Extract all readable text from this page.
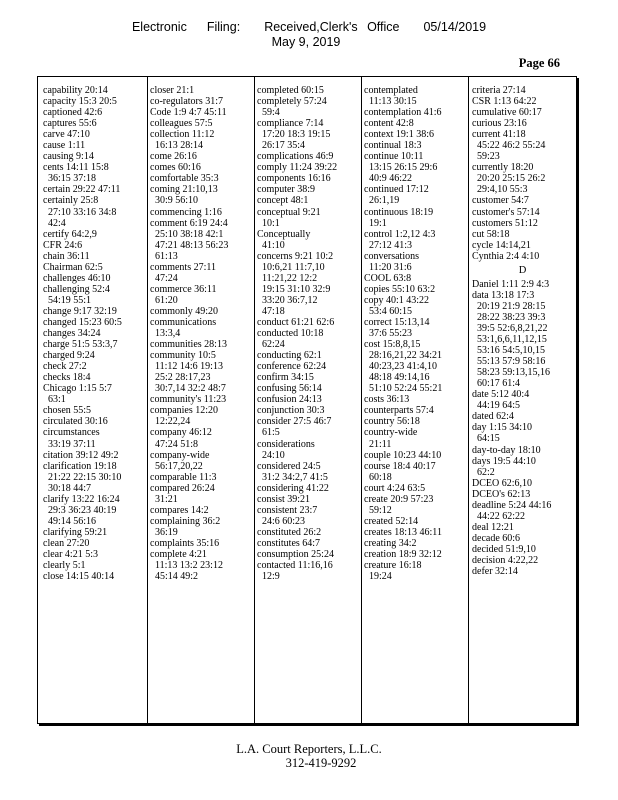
Electronic Filing: Received,Clerk's Office 05/14/2019
May 9, 2019
Page 66
capability 20:14
capacity 15:3 20:5
captioned 42:6
captures 55:6
carve 47:10
cause 1:11
causing 9:14
cents 14:11 15:8
36:15 37:18
certain 29:22 47:11
certainly 25:8
27:10 33:16 34:8
42:4
certify 64:2,9
CFR 24:6
chain 36:11
Chairman 62:5
challenges 46:10
challenging 52:4
54:19 55:1
change 9:17 32:19
changed 15:23 60:5
changes 34:24
charge 51:5 53:3,7
charged 9:24
check 27:2
checks 18:4
Chicago 1:15 5:7
63:1
chosen 55:5
circulated 30:16
circumstances
33:19 37:11
citation 39:12 49:2
clarification 19:18
21:22 22:15 30:10
30:18 44:7
clarify 13:22 16:24
29:3 36:23 40:19
49:14 56:16
clarifying 59:21
clean 27:20
clear 4:21 5:3
clearly 5:1
close 14:15 40:14
closer 21:1
co-regulators 31:7
Code 1:9 4:7 45:11
colleagues 57:5
collection 11:12
16:13 28:14
come 26:16
comes 60:16
comfortable 35:3
coming 21:10,13
30:9 56:10
commencing 1:16
comment 6:19 24:4
25:10 38:18 42:1
47:21 48:13 56:23
61:13
comments 27:11
47:24
commerce 36:11
61:20
commonly 49:20
communications
13:3,4
communities 28:13
community 10:5
11:12 14:6 19:13
25:2 28:17,23
30:7,14 32:2 48:7
community's 11:23
companies 12:20
12:22,24
company 46:12
47:24 51:8
company-wide
56:17,20,22
comparable 11:3
compared 26:24
31:21
compares 14:2
complaining 36:2
36:19
complaints 35:16
complete 4:21
11:13 13:2 23:12
45:14 49:2
completed 60:15
completely 57:24
59:4
compliance 7:14
17:20 18:3 19:15
26:17 35:4
complications 46:9
comply 11:24 39:22
components 16:16
computer 38:9
concept 48:1
conceptual 9:21
10:1
Conceptually
41:10
concerns 9:21 10:2
10:6,21 11:7,10
11:21,22 12:2
19:15 31:10 32:9
33:20 36:7,12
47:18
conduct 61:21 62:6
conducted 10:18
62:24
conducting 62:1
conference 62:24
confirm 34:15
confusing 56:14
confusion 24:13
conjunction 30:3
consider 27:5 46:7
61:5
considerations
24:10
considered 24:5
31:2 34:2,7 41:5
considering 41:22
consist 39:21
consistent 23:7
24:6 60:23
constituted 26:2
constitutes 64:7
consumption 25:24
contacted 11:16,16
12:9
contemplated
11:13 30:15
contemplation 41:6
content 42:8
context 19:1 38:6
continual 18:3
continue 10:11
13:15 26:15 29:6
40:9 46:22
continued 17:12
26:1,19
continuous 18:19
19:1
control 1:2,12 4:3
27:12 41:3
conversations
11:20 31:6
COOL 63:8
copies 55:10 63:2
copy 40:1 43:22
53:4 60:15
correct 15:13,14
37:6 55:23
cost 15:8,8,15
28:16,21,22 34:21
40:23,23 41:4,10
48:18 49:14,16
51:10 52:24 55:21
costs 36:13
counterparts 57:4
country 56:18
country-wide
21:11
couple 10:23 44:10
course 18:4 40:17
60:18
court 4:24 63:5
create 20:9 57:23
59:12
created 52:14
creates 18:13 46:11
creating 34:2
creation 18:9 32:12
creature 16:18
19:24
criteria 27:14
CSR 1:13 64:22
cumulative 60:17
curious 23:16
current 41:18
45:22 46:2 55:24
59:23
currently 18:20
20:20 25:15 26:2
29:4,10 55:3
customer 54:7
customer's 57:14
customers 51:12
cut 58:18
cycle 14:14,21
Cynthia 2:4 4:10
D
Daniel 1:11 2:9 4:3
data 13:18 17:3
20:19 21:9 28:15
28:22 38:23 39:3
39:5 52:6,8,21,22
53:1,6,6,11,12,15
53:16 54:5,10,15
55:13 57:9 58:16
58:23 59:13,15,16
60:17 61:4
date 5:12 40:4
44:19 64:5
dated 62:4
day 1:15 34:10
64:15
day-to-day 18:10
days 19:5 44:10
62:2
DCEO 62:6,10
DCEO's 62:13
deadline 5:24 44:16
44:22 62:22
deal 12:21
decade 60:6
decided 51:9,10
decision 4:22,22
defer 32:14
L.A. Court Reporters, L.L.C.
312-419-9292
